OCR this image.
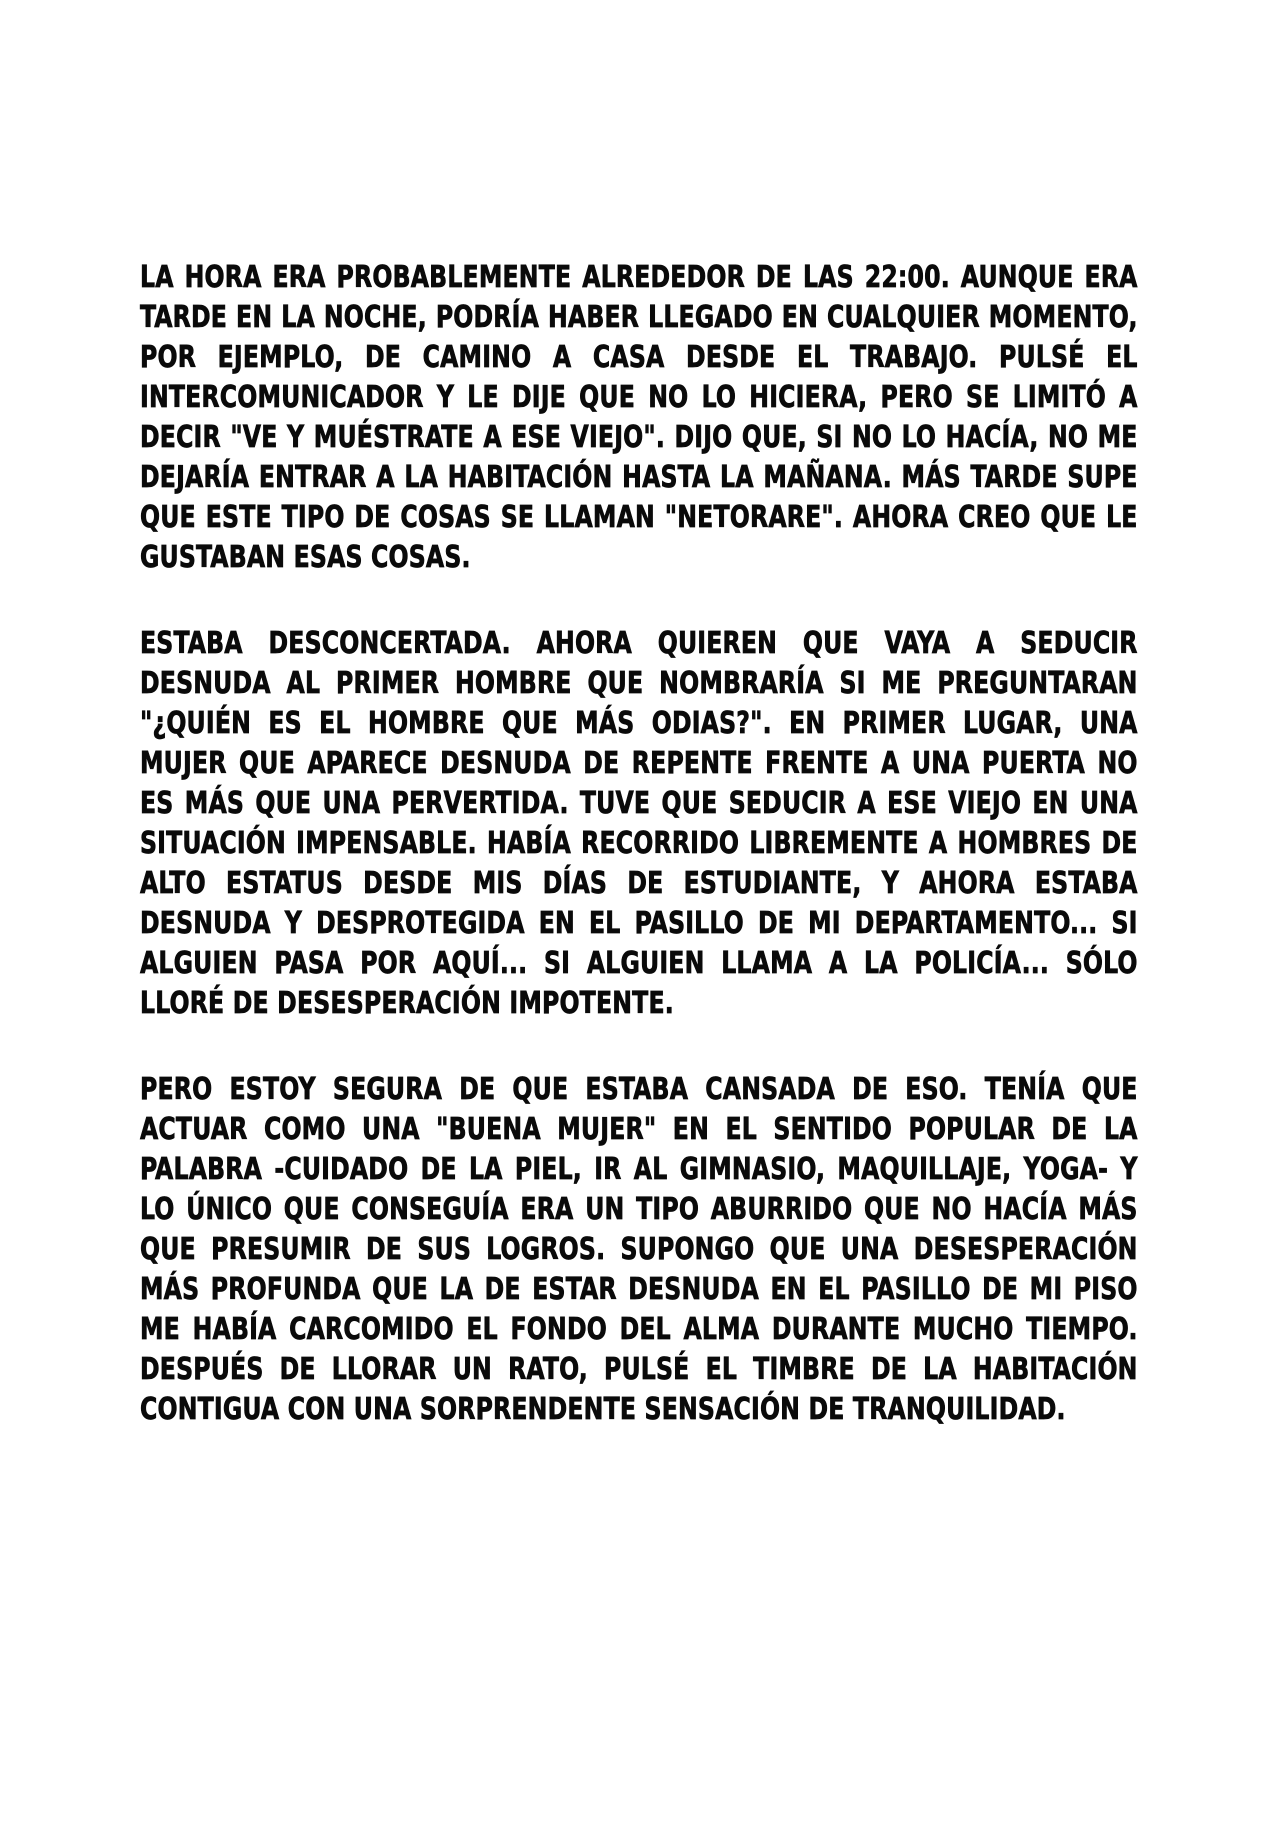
LA HORA ERA PROBABLEMENTE ALREDEDOR DE LAS 22:00. AUNQUE ERA TARDE EN LA NOCHE, PODRÍA HABER LLEGADO EN CUALQUIER MOMENTO, POR EJEMPLO, DE CAMINO A CASA DESDE EL TRABAJO. PULSÉ EL INTERCOMUNICADOR Y LE DIJE QUE NO LO HICIERA, PERO SE LIMITÓ A DECIR "VE Y MUÉSTRATE A ESE VIEJO". DIJO QUE, SI NO LO HACÍA, NO ME DEJARÍA ENTRAR A LA HABITACIÓN HASTA LA MAÑANA. MÁS TARDE SUPE QUE ESTE TIPO DE COSAS SE LLAMAN "NETORARE". AHORA CREO QUE LE GUSTABAN ESAS COSAS.

ESTABA DESCONCERTADA. AHORA QUIEREN QUE VAYA A SEDUCIR DESNUDA AL PRIMER HOMBRE QUE NOMBRARÍA SI ME PREGUNTARAN "¿QUIÉN ES EL HOMBRE QUE MÁS ODIAS?". EN PRIMER LUGAR, UNA MUJER QUE APARECE DESNUDA DE REPENTE FRENTE A UNA PUERTA NO ES MÁS QUE UNA PERVERTIDA. TUVE QUE SEDUCIR A ESE VIEJO EN UNA SITUACIÓN IMPENSABLE. HABÍA RECORRIDO LIBREMENTE A HOMBRES DE ALTO ESTATUS DESDE MIS DÍAS DE ESTUDIANTE, Y AHORA ESTABA DESNUDA Y DESPROTEGIDA EN EL PASILLO DE MI DEPARTAMENTO... SI ALGUIEN PASA POR AQUÍ... SI ALGUIEN LLAMA A LA POLICÍA... SÓLO LLORÉ DE DESESPERACIÓN IMPOTENTE.

PERO ESTOY SEGURA DE QUE ESTABA CANSADA DE ESO. TENÍA QUE ACTUAR COMO UNA "BUENA MUJER" EN EL SENTIDO POPULAR DE LA PALABRA -CUIDADO DE LA PIEL, IR AL GIMNASIO, MAQUILLAJE, YOGA- Y LO ÚNICO QUE CONSEGUÍA ERA UN TIPO ABURRIDO QUE NO HACÍA MÁS QUE PRESUMIR DE SUS LOGROS. SUPONGO QUE UNA DESESPERACIÓN MÁS PROFUNDA QUE LA DE ESTAR DESNUDA EN EL PASILLO DE MI PISO ME HABÍA CARCOMIDO EL FONDO DEL ALMA DURANTE MUCHO TIEMPO. DESPUÉS DE LLORAR UN RATO, PULSÉ EL TIMBRE DE LA HABITACIÓN CONTIGUA CON UNA SORPRENDENTE SENSACIÓN DE TRANQUILIDAD.
